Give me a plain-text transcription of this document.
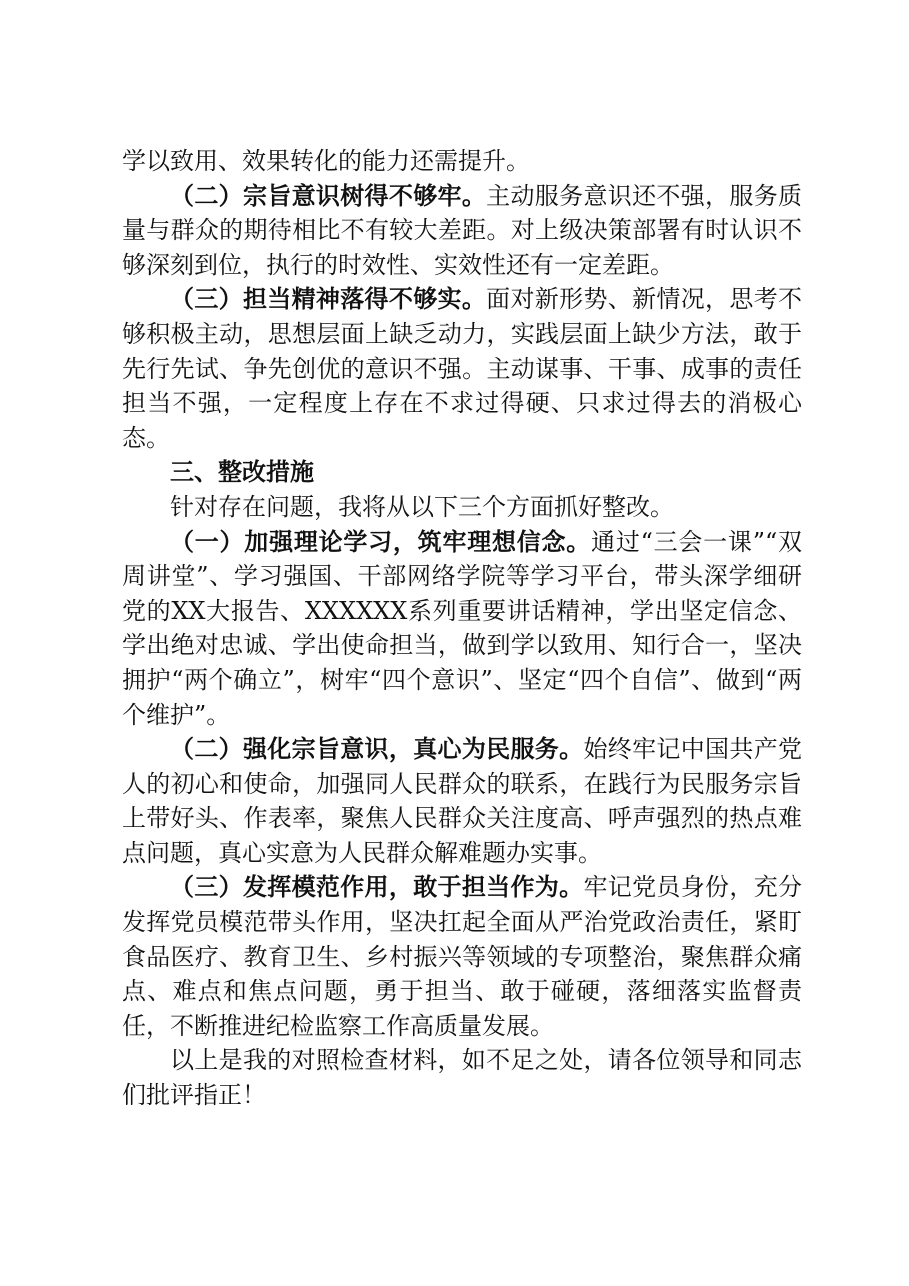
学以致用、效果转化的能力还需提升。

（二）宗旨意识树得不够牢。主动服务意识还不强，服务质量与群众的期待相比不有较大差距。对上级决策部署有时认识不够深刻到位，执行的时效性、实效性还有一定差距。

（三）担当精神落得不够实。面对新形势、新情况，思考不够积极主动，思想层面上缺乏动力，实践层面上缺少方法，敢于先行先试、争先创优的意识不强。主动谋事、干事、成事的责任担当不强，一定程度上存在不求过得硬、只求过得去的消极心态。

三、整改措施

针对存在问题，我将从以下三个方面抓好整改。

（一）加强理论学习，筑牢理想信念。通过“三会一课”“双周讲堂”、学习强国、干部网络学院等学习平台，带头深学细研党的XX大报告、XXXXXX系列重要讲话精神，学出坚定信念、学出绝对忠诚、学出使命担当，做到学以致用、知行合一，坚决拥护“两个确立”，树牢“四个意识”、坚定“四个自信”、做到“两个维护”。

（二）强化宗旨意识，真心为民服务。始终牢记中国共产党人的初心和使命，加强同人民群众的联系，在践行为民服务宗旨上带好头、作表率，聚焦人民群众关注度高、呼声强烈的热点难点问题，真心实意为人民群众解难题办实事。

（三）发挥模范作用，敢于担当作为。牢记党员身份，充分发挥党员模范带头作用，坚决扛起全面从严治党政治责任，紧盯食品医疗、教育卫生、乡村振兴等领域的专项整治，聚焦群众痛点、难点和焦点问题，勇于担当、敢于碰硬，落细落实监督责任，不断推进纪检监察工作高质量发展。

以上是我的对照检查材料，如不足之处，请各位领导和同志们批评指正！
